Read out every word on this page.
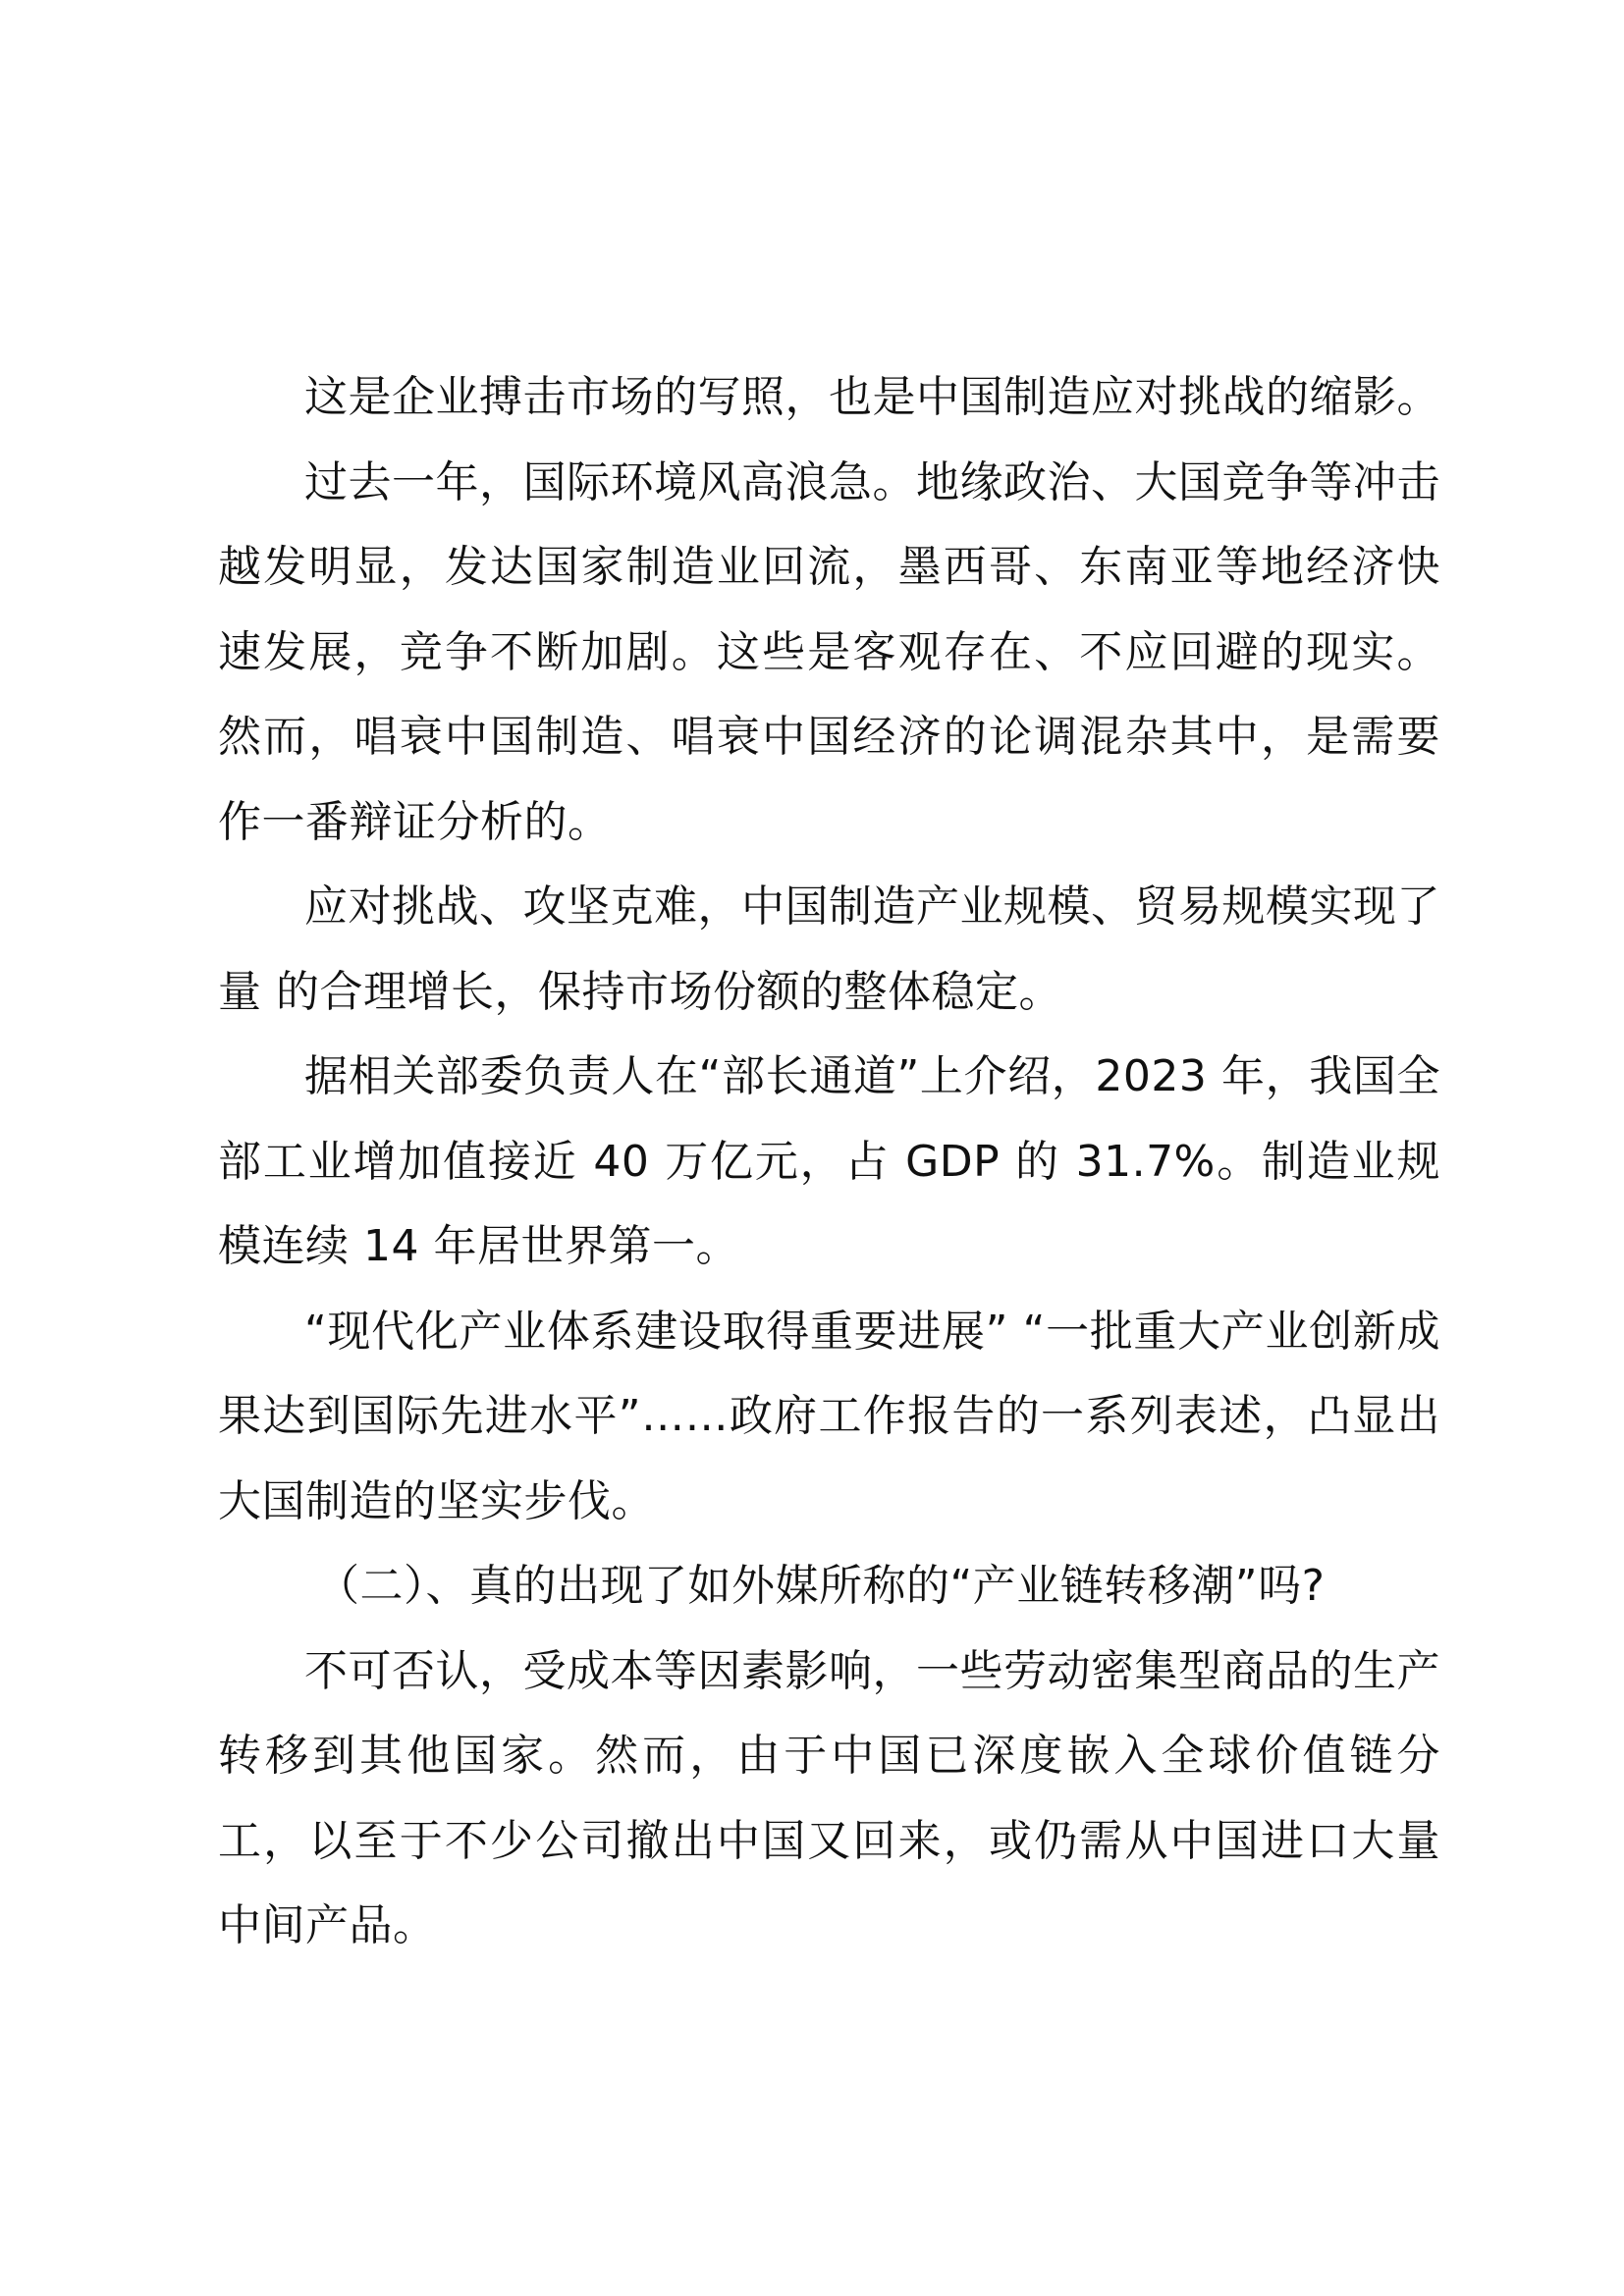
这是企业搏击市场的写照，也是中国制造应对挑战的缩影。

过去一年，国际环境风高浪急。地缘政治、大国竞争等冲击越发明显，发达国家制造业回流，墨西哥、东南亚等地经济快速发展，竞争不断加剧。这些是客观存在、不应回避的现实。然而，唱衰中国制造、唱衰中国经济的论调混杂其中，是需要作一番辩证分析的。

应对挑战、攻坚克难，中国制造产业规模、贸易规模实现了量 的合理增长，保持市场份额的整体稳定。

据相关部委负责人在“部长通道”上介绍，2023 年，我国全部工业增加值接近 40 万亿元，占 GDP 的 31.7%。制造业规模连续 14 年居世界第一。

“现代化产业体系建设取得重要进展” “一批重大产业创新成果达到国际先进水平”……政府工作报告的一系列表述，凸显出大国制造的坚实步伐。

（二）、真的出现了如外媒所称的“产业链转移潮”吗?

不可否认，受成本等因素影响，一些劳动密集型商品的生产转移到其他国家。然而，由于中国已深度嵌入全球价值链分工，以至于不少公司撤出中国又回来，或仍需从中国进口大量中间产品。
